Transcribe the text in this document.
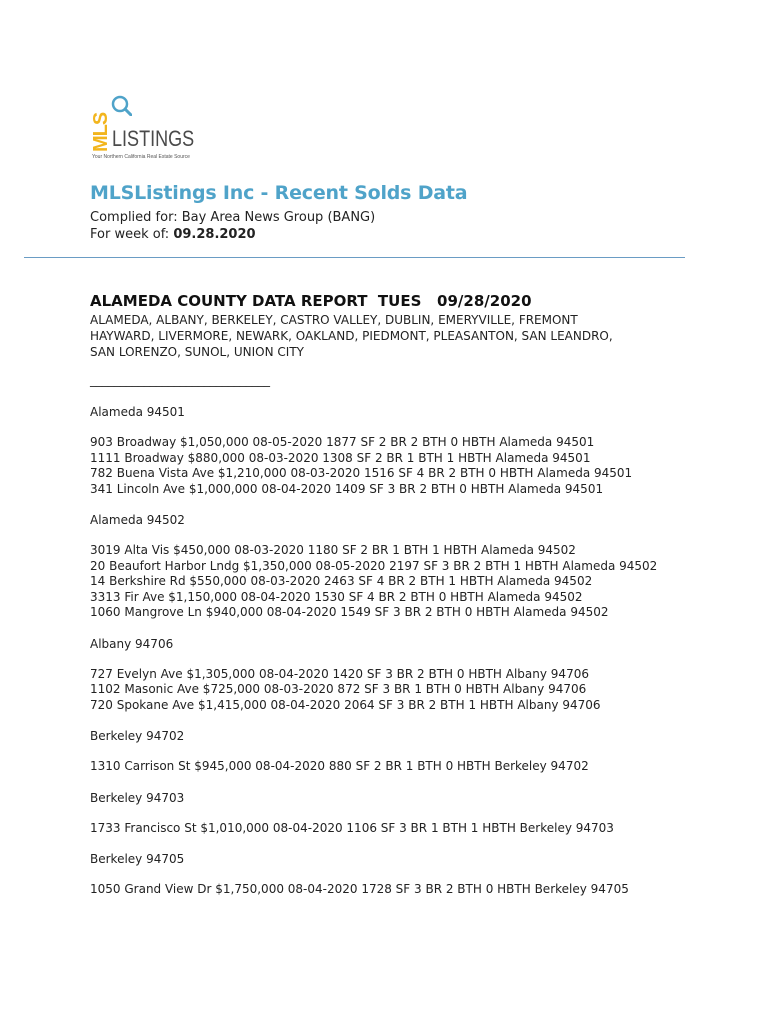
MLS LISTINGS
Your Northern California Real Estate Source
MLSListings Inc - Recent Solds Data
Complied for: Bay Area News Group (BANG)
For week of: 09.28.2020
ALAMEDA COUNTY DATA REPORT  TUES   09/28/2020
ALAMEDA, ALBANY, BERKELEY, CASTRO VALLEY, DUBLIN, EMERYVILLE, FREMONT
HAYWARD, LIVERMORE, NEWARK, OAKLAND, PIEDMONT, PLEASANTON, SAN LEANDRO,
SAN LORENZO, SUNOL, UNION CITY
______________________________
Alameda 94501
903 Broadway $1,050,000 08-05-2020 1877 SF 2 BR 2 BTH 0 HBTH Alameda 94501
1111 Broadway $880,000 08-03-2020 1308 SF 2 BR 1 BTH 1 HBTH Alameda 94501
782 Buena Vista Ave $1,210,000 08-03-2020 1516 SF 4 BR 2 BTH 0 HBTH Alameda 94501
341 Lincoln Ave $1,000,000 08-04-2020 1409 SF 3 BR 2 BTH 0 HBTH Alameda 94501
Alameda 94502
3019 Alta Vis $450,000 08-03-2020 1180 SF 2 BR 1 BTH 1 HBTH Alameda 94502
20 Beaufort Harbor Lndg $1,350,000 08-05-2020 2197 SF 3 BR 2 BTH 1 HBTH Alameda 94502
14 Berkshire Rd $550,000 08-03-2020 2463 SF 4 BR 2 BTH 1 HBTH Alameda 94502
3313 Fir Ave $1,150,000 08-04-2020 1530 SF 4 BR 2 BTH 0 HBTH Alameda 94502
1060 Mangrove Ln $940,000 08-04-2020 1549 SF 3 BR 2 BTH 0 HBTH Alameda 94502
Albany 94706
727 Evelyn Ave $1,305,000 08-04-2020 1420 SF 3 BR 2 BTH 0 HBTH Albany 94706
1102 Masonic Ave $725,000 08-03-2020 872 SF 3 BR 1 BTH 0 HBTH Albany 94706
720 Spokane Ave $1,415,000 08-04-2020 2064 SF 3 BR 2 BTH 1 HBTH Albany 94706
Berkeley 94702
1310 Carrison St $945,000 08-04-2020 880 SF 2 BR 1 BTH 0 HBTH Berkeley 94702
Berkeley 94703
1733 Francisco St $1,010,000 08-04-2020 1106 SF 3 BR 1 BTH 1 HBTH Berkeley 94703
Berkeley 94705
1050 Grand View Dr $1,750,000 08-04-2020 1728 SF 3 BR 2 BTH 0 HBTH Berkeley 94705
